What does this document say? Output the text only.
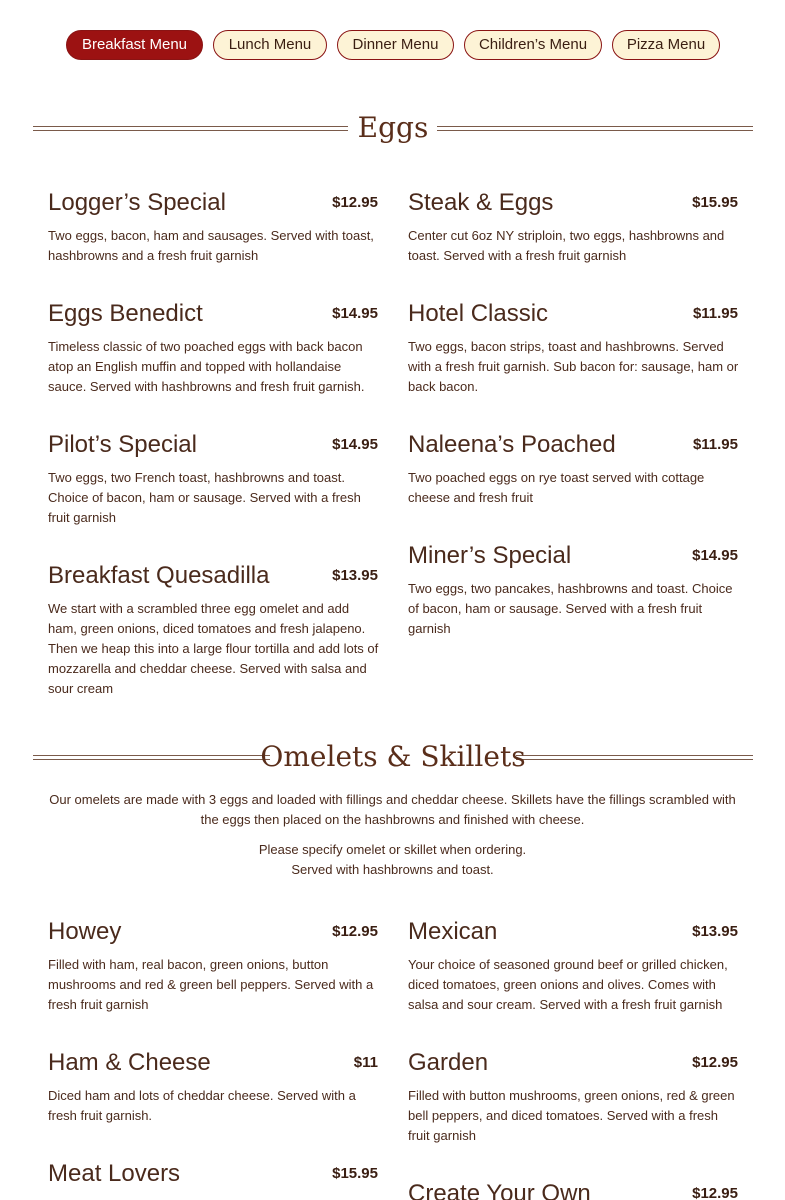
Breakfast Menu	Lunch Menu	Dinner Menu	Children’s Menu	Pizza Menu
Eggs
Logger’s Special	$12.95
Two eggs, bacon, ham and sausages. Served with toast, hashbrowns and a fresh fruit garnish
Steak & Eggs	$15.95
Center cut 6oz NY striploin, two eggs, hashbrowns and toast. Served with a fresh fruit garnish
Eggs Benedict	$14.95
Timeless classic of two poached eggs with back bacon atop an English muffin and topped with hollandaise sauce. Served with hashbrowns and fresh fruit garnish.
Hotel Classic	$11.95
Two eggs, bacon strips, toast and hashbrowns. Served with a fresh fruit garnish. Sub bacon for: sausage, ham or back bacon.
Pilot’s Special	$14.95
Two eggs, two French toast, hashbrowns and toast. Choice of bacon, ham or sausage. Served with a fresh fruit garnish
Naleena’s Poached	$11.95
Two poached eggs on rye toast served with cottage cheese and fresh fruit
Breakfast Quesadilla	$13.95
We start with a scrambled three egg omelet and add ham, green onions, diced tomatoes and fresh jalapeno. Then we heap this into a large flour tortilla and add lots of mozzarella and cheddar cheese. Served with salsa and sour cream
Miner’s Special	$14.95
Two eggs, two pancakes, hashbrowns and toast. Choice of bacon, ham or sausage. Served with a fresh fruit garnish
Omelets & Skillets
Our omelets are made with 3 eggs and loaded with fillings and cheddar cheese. Skillets have the fillings scrambled with the eggs then placed on the hashbrowns and finished with cheese.
Please specify omelet or skillet when ordering.
Served with hashbrowns and toast.
Howey	$12.95
Filled with ham, real bacon, green onions, button mushrooms and red & green bell peppers. Served with a fresh fruit garnish
Mexican	$13.95
Your choice of seasoned ground beef or grilled chicken, diced tomatoes, green onions and olives. Comes with salsa and sour cream. Served with a fresh fruit garnish
Ham & Cheese	$11
Diced ham and lots of cheddar cheese. Served with a fresh fruit garnish.
Garden	$12.95
Filled with button mushrooms, green onions, red & green bell peppers, and diced tomatoes. Served with a fresh fruit garnish
Meat Lovers	$15.95
Create Your Own	$12.95
